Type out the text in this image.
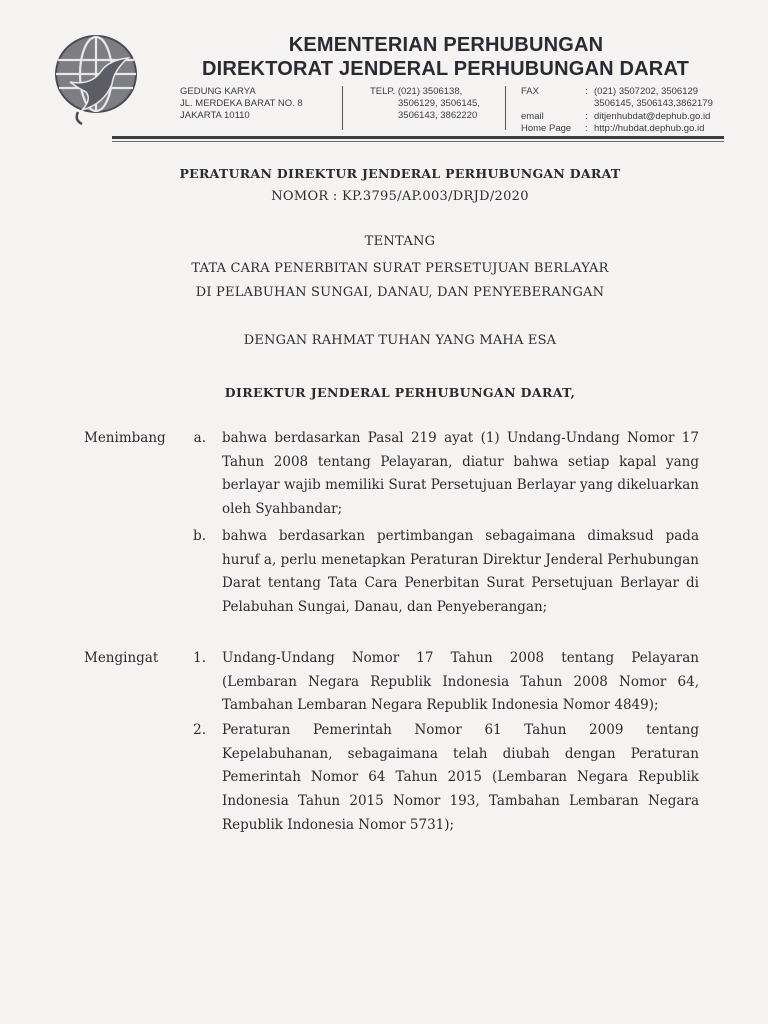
KEMENTERIAN PERHUBUNGAN
DIREKTORAT JENDERAL PERHUBUNGAN DARAT
GEDUNG KARYA
JL. MERDEKA BARAT NO. 8
JAKARTA 10110
TELP. (021) 3506138,
3506129, 3506145,
3506143, 3862220
FAX	: (021) 3507202, 3506129
3506145, 3506143,3862179
email	: ditjenhubdat@dephub.go.id
Home Page : http://hubdat.dephub.go.id
PERATURAN DIREKTUR JENDERAL PERHUBUNGAN DARAT
NOMOR : KP.3795/AP.003/DRJD/2020
TENTANG
TATA CARA PENERBITAN SURAT PERSETUJUAN BERLAYAR
DI PELABUHAN SUNGAI, DANAU, DAN PENYEBERANGAN
DENGAN RAHMAT TUHAN YANG MAHA ESA
DIREKTUR JENDERAL PERHUBUNGAN DARAT,
Menimbang	a. bahwa berdasarkan Pasal 219 ayat (1) Undang-Undang Nomor 17 Tahun 2008 tentang Pelayaran, diatur bahwa setiap kapal yang berlayar wajib memiliki Surat Persetujuan Berlayar yang dikeluarkan oleh Syahbandar;
b. bahwa berdasarkan pertimbangan sebagaimana dimaksud pada huruf a, perlu menetapkan Peraturan Direktur Jenderal Perhubungan Darat tentang Tata Cara Penerbitan Surat Persetujuan Berlayar di Pelabuhan Sungai, Danau, dan Penyeberangan;
Mengingat	1. Undang-Undang Nomor 17 Tahun 2008 tentang Pelayaran (Lembaran Negara Republik Indonesia Tahun 2008 Nomor 64, Tambahan Lembaran Negara Republik Indonesia Nomor 4849);
2. Peraturan Pemerintah Nomor 61 Tahun 2009 tentang Kepelabuhanan, sebagaimana telah diubah dengan Peraturan Pemerintah Nomor 64 Tahun 2015 (Lembaran Negara Republik Indonesia Tahun 2015 Nomor 193, Tambahan Lembaran Negara Republik Indonesia Nomor 5731);
